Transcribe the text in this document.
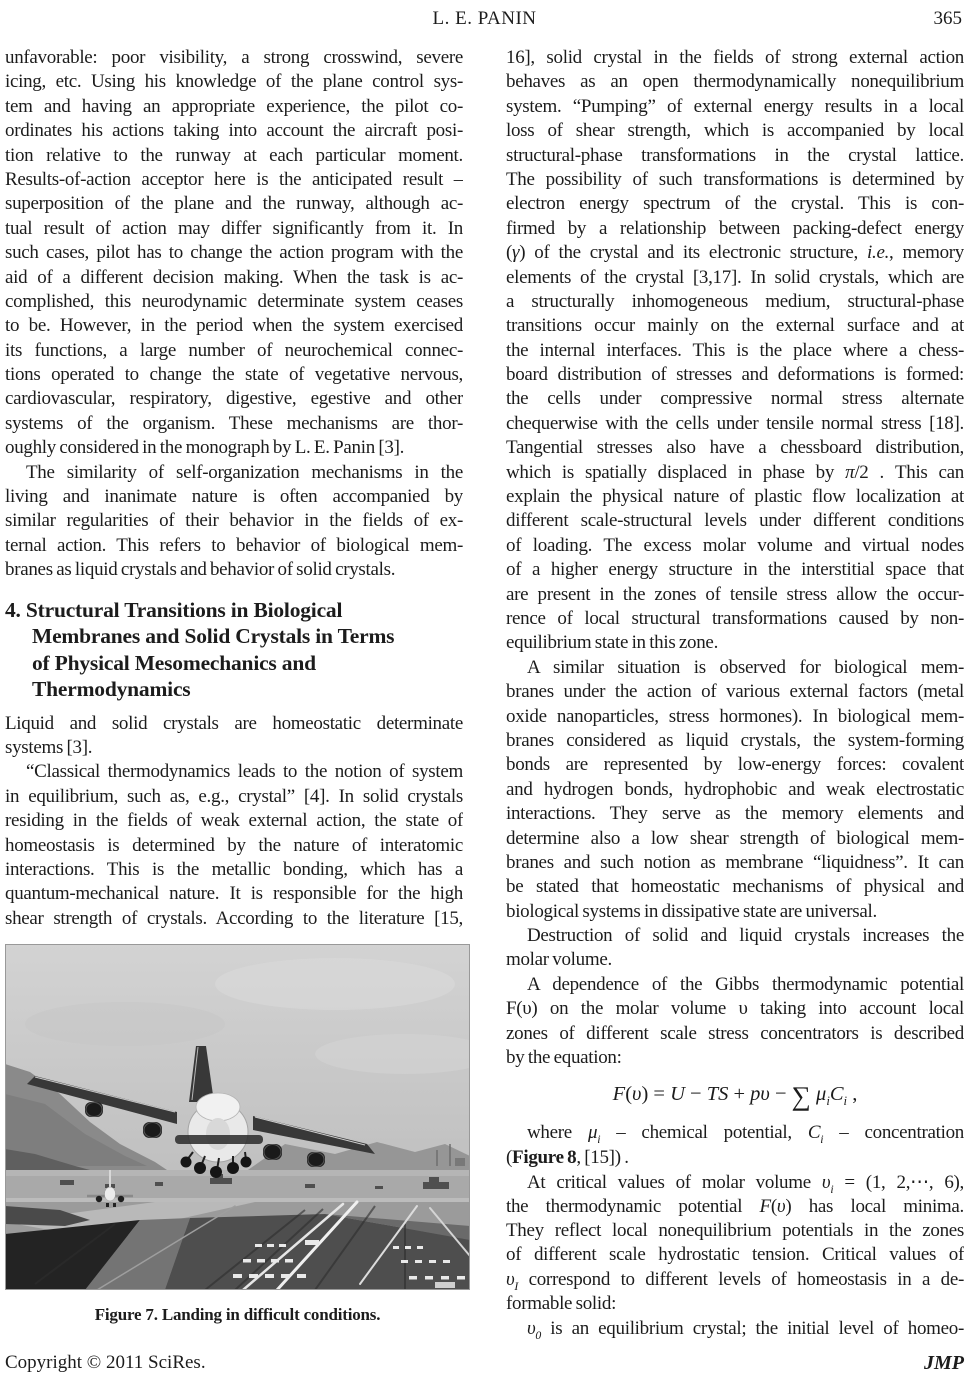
L. E. PANIN	365
unfavorable: poor visibility, a strong crosswind, severe
icing, etc. Using his knowledge of the plane control sys-
tem and having an appropriate experience, the pilot co-
ordinates his actions taking into account the aircraft posi-
tion relative to the runway at each particular moment.
Results-of-action acceptor here is the anticipated result –
superposition of the plane and the runway, although ac-
tual result of action may differ significantly from it. In
such cases, pilot has to change the action program with the
aid of a different decision making. When the task is ac-
complished, this neurodynamic determinate system ceases
to be. However, in the period when the system exercised
its functions, a large number of neurochemical connec-
tions operated to change the state of vegetative nervous,
cardiovascular, respiratory, digestive, egestive and other
systems of the organism. These mechanisms are thor-
oughly considered in the monograph by L. E. Panin [3].
The similarity of self-organization mechanisms in the
living and inanimate nature is often accompanied by
similar regularities of their behavior in the fields of ex-
ternal action. This refers to behavior of biological mem-
branes as liquid crystals and behavior of solid crystals.
4. Structural Transitions in Biological
Membranes and Solid Crystals in Terms
of Physical Mesomechanics and
Thermodynamics
Liquid and solid crystals are homeostatic determinate
systems [3].
“Classical thermodynamics leads to the notion of system
in equilibrium, such as, e.g., crystal” [4]. In solid crystals
residing in the fields of weak external action, the state of
homeostasis is determined by the nature of interatomic
interactions. This is the metallic bonding, which has a
quantum-mechanical nature. It is responsible for the high
shear strength of crystals. According to the literature [15,
Figure 7. Landing in difficult conditions.
16], solid crystal in the fields of strong external action
behaves as an open thermodynamically nonequilibrium
system. “Pumping” of external energy results in a local
loss of shear strength, which is accompanied by local
structural-phase transformations in the crystal lattice.
The possibility of such transformations is determined by
electron energy spectrum of the crystal. This is con-
firmed by a relationship between packing-defect energy
(γ) of the crystal and its electronic structure, i.e., memory
elements of the crystal [3,17]. In solid crystals, which are
a structurally inhomogeneous medium, structural-phase
transitions occur mainly on the external surface and at
the internal interfaces. This is the place where a chess-
board distribution of stresses and deformations is formed:
the cells under compressive normal stress alternate
chequerwise with the cells under tensile normal stress [18].
Tangential stresses also have a chessboard distribution,
which is spatially displaced in phase by π/2 . This can
explain the physical nature of plastic flow localization at
different scale-structural levels under different conditions
of loading. The excess molar volume and virtual nodes
of a higher energy structure in the interstitial space that
are present in the zones of tensile stress allow the occur-
rence of local structural transformations caused by non-
equilibrium state in this zone.
A similar situation is observed for biological mem-
branes under the action of various external factors (metal
oxide nanoparticles, stress hormones). In biological mem-
branes considered as liquid crystals, the system-forming
bonds are represented by low-energy forces: covalent
and hydrogen bonds, hydrophobic and weak electrostatic
interactions. They serve as the memory elements and
determine also a low shear strength of biological mem-
branes and such notion as membrane “liquidness”. It can
be stated that homeostatic mechanisms of physical and
biological systems in dissipative state are universal.
Destruction of solid and liquid crystals increases the
molar volume.
A dependence of the Gibbs thermodynamic potential
F(υ) on the molar volume υ taking into account local
zones of different scale stress concentrators is described
by the equation:
F(υ) = U − TS + pυ − ∑ $\mu_iC_i$ ,
where $\mu_i$ – chemical potential, $C_i$ – concentration
(Figure 8, [15]) .
At critical values of molar volume $\upsilon_i = (1$, 2,⋯, 6),
the thermodynamic potential F(υ) has local minima.
They reflect local nonequilibrium potentials in the zones
of different scale hydrostatic tension. Critical values of
$\upsilon_I$ correspond to different levels of homeostasis in a de-
formable solid:
$\upsilon_0$ is an equilibrium crystal; the initial level of homeo-
Copyright © 2011 SciRes.	JMP
